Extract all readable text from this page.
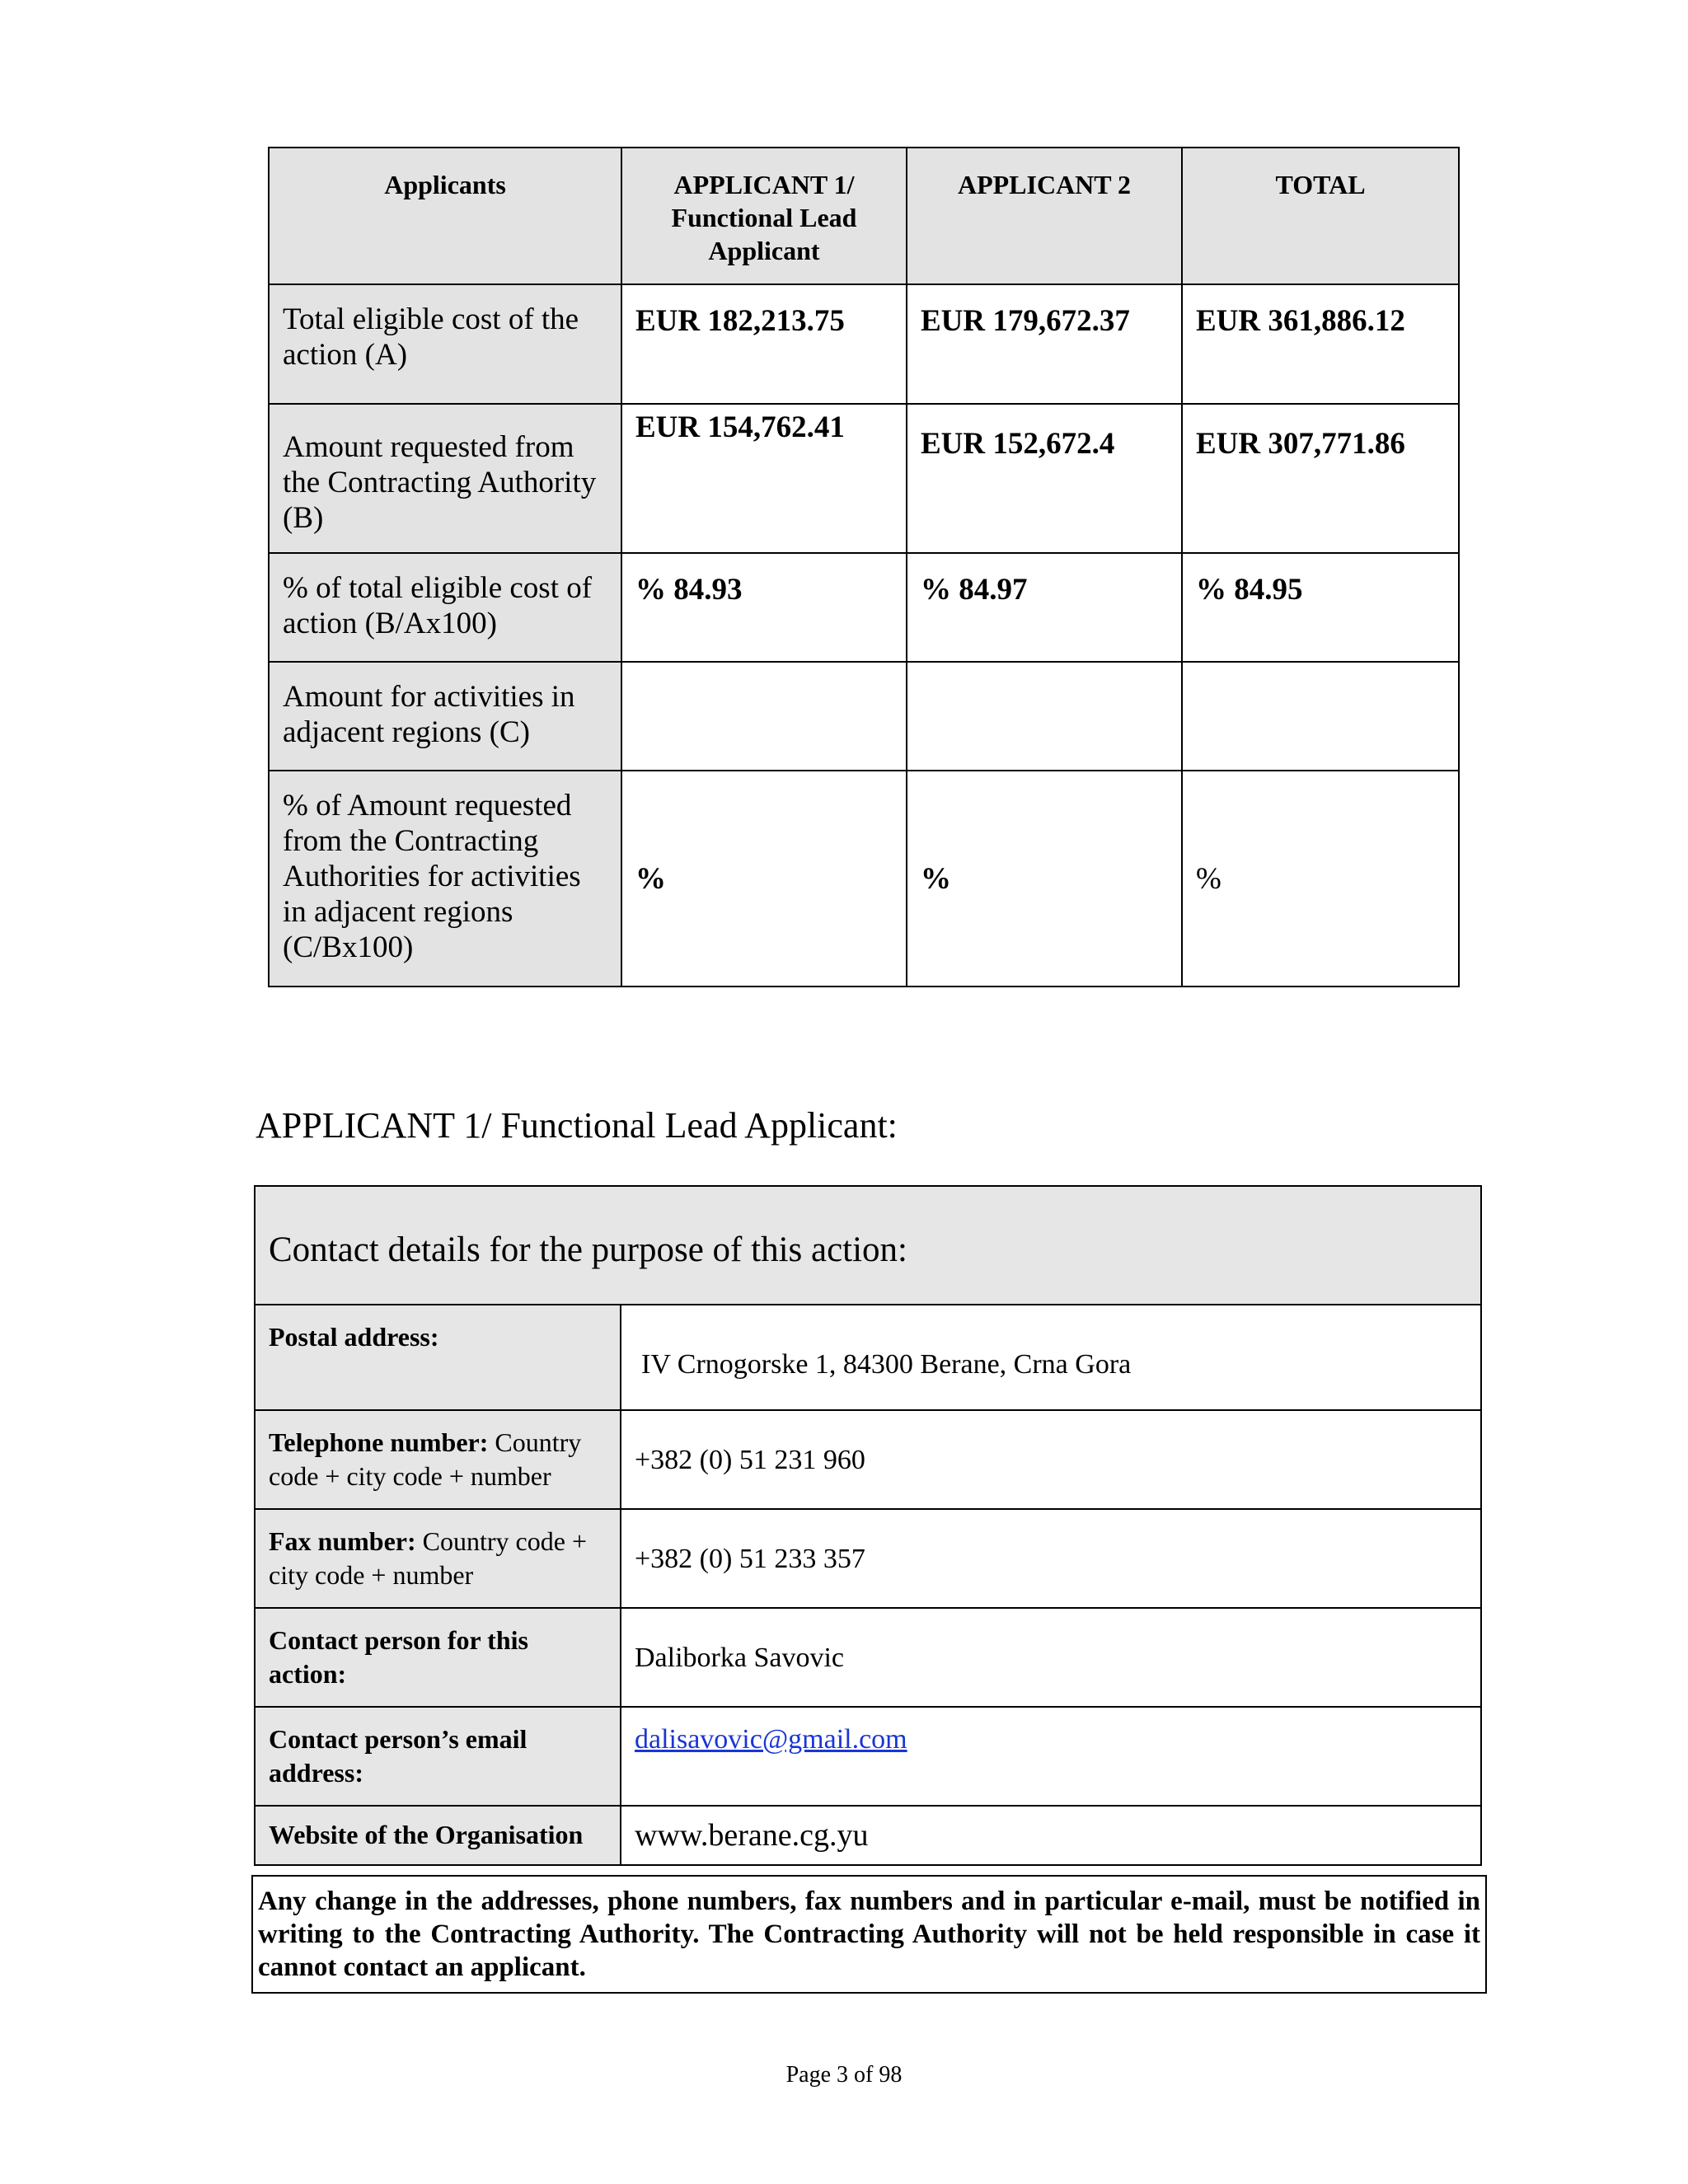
Applicants	APPLICANT 1/ Functional Lead Applicant	APPLICANT 2	TOTAL
Total eligible cost of the action (A)	EUR 182,213.75	EUR 179,672.37	EUR 361,886.12
Amount requested from the Contracting Authority (B)	EUR 154,762.41	EUR 152,672.4	EUR 307,771.86
% of total eligible cost of action (B/Ax100)	% 84.93	% 84.97	% 84.95
Amount for activities in adjacent regions (C)			
% of Amount requested from the Contracting Authorities for activities in adjacent regions (C/Bx100)	%	%	%
APPLICANT 1/ Functional Lead Applicant:
Contact details for the purpose of this action:	
Postal address:	IV Crnogorske 1, 84300 Berane, Crna Gora
Telephone number: Country code + city code + number	+382 (0) 51 231 960
Fax number: Country code + city code + number	+382 (0) 51 233 357
Contact person for this action:	Daliborka Savovic
Contact person’s email address:	dalisavovic@gmail.com
Website of the Organisation	www.berane.cg.yu
Any change in the addresses, phone numbers, fax numbers and in particular e-mail, must be notified in writing to the Contracting Authority. The Contracting Authority will not be held responsible in case it cannot contact an applicant.
Page 3 of 98
